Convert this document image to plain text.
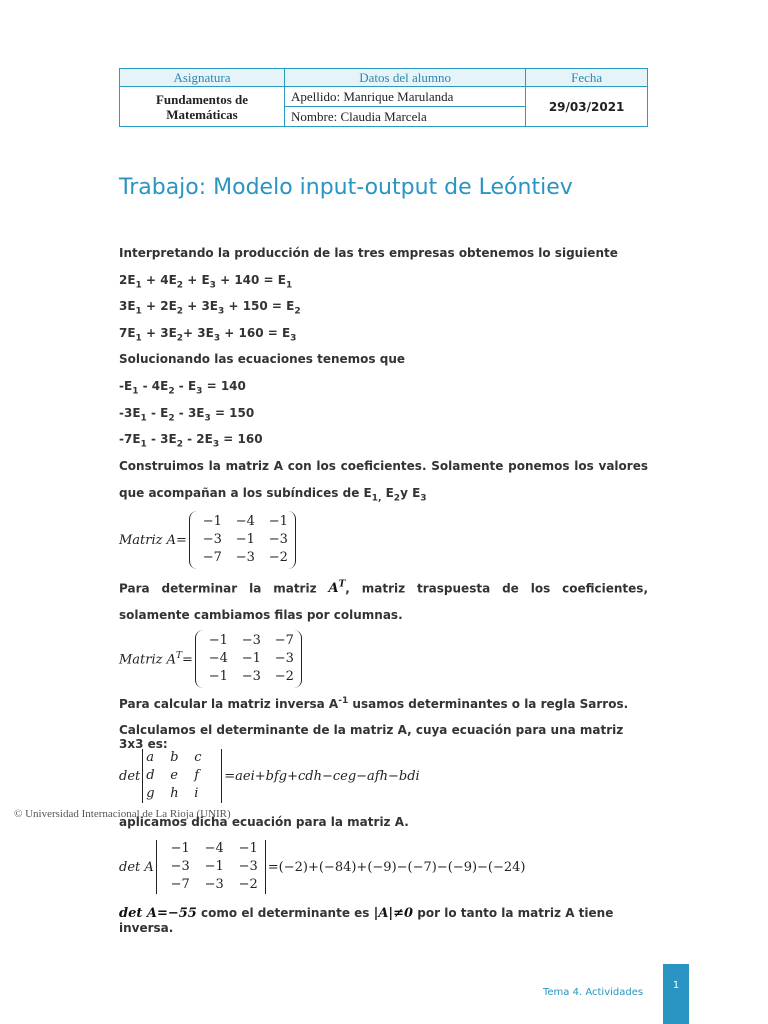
Asignatura	Datos del alumno	Fecha
Fundamentos de Matemáticas	Apellido: Manrique Marulanda	29/03/2021
	Nombre: Claudia Marcela	
Trabajo: Modelo input-output de Leóntiev

Interpretando la producción de las tres empresas obtenemos lo siguiente

$2E_1 + 4E_2 + E_3 + 140 = E_1$

$3E_1 + 2E_2 + 3E_3 + 150 = E_2$

$7E_1 + 3E_2+ 3E_3 + 160 = E_3$

Solucionando las ecuaciones tenemos que

$-E_1 - 4E_2 - E_3 = 140$

$-3E_1 - E_2 - 3E_3 = 150$

$-7E_1 - 3E_2 - 2E_3 = 160$

Construimos la matriz A con los coeficientes. Solamente ponemos los valores que acompañan a los subíndices de $E_{1,}$ $E_2y$ $E_3$

Matriz A=
−1	−4	−1
−3	−1	−3
−7	−3	−2

Para determinar la matriz $A^T$, matriz traspuesta de los coeficientes, solamente cambiamos filas por columnas.

Matriz $A^T=$
−1	−3	−7
−4	−1	−3
−1	−3	−2

Para calcular la matriz inversa $A^{-1}$ usamos determinantes o la regla Sarros.

Calculamos el determinante de la matriz A, cuya ecuación para una matriz 3x3 es:

det
a	b	c
d	e	f
g	h	i
=aei+bfg+cdh−ceg−afh−bdi
© Universidad Internacional de La Rioja (UNIR)

aplicamos dicha ecuación para la matriz A.

det A
−1	−4	−1
−3	−1	−3
−7	−3	−2
=(−2)+(−84)+(−9)−(−7)−(−9)−(−24)

det A=−55 como el determinante es |A|≠0 por lo tanto la matriz A tiene inversa.

Tema 4. Actividades
1
